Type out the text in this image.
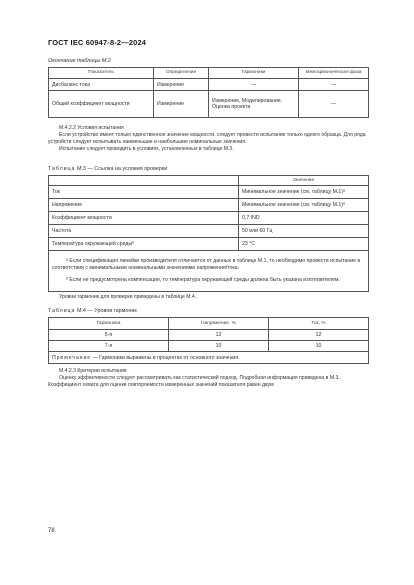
ГОСТ IEC 60947-8-2—2024
Окончание таблицы М.2
Показатель	Определение	Гармоники	Межгармоническая фаза
Дисбаланс тока	Измерение	—	—
Общий коэффициент мощности	Измерение	Измерение, Моделирование, Оценка проекта	—

М.4.2.2 Условия испытания

Если устройство имеет только единственное значение мощности, следует провести испытание только одного образца. Для ряда устройств следует испытывать наименьшие и наибольшие номинальные значения.

Испытание следует проводить в условиях, установленных в таблице М.3.

Таблица М.3 — Ссылка на условия проверки
	Значение
Ток	Минимальное значение (см. таблицу М.1)ᵃ
Напряжение	Минимальное значение (см. таблицу М.1)ᵃ
Коэффициент мощности	0,7 IND
Частота	50 или 60 Гц
Температура окружающей средыᵇ	23 °С

ᵃ Если спецификация линейки производителя отличается от данных в таблице М.1, то необходимо провести испытание в соответствии с минимальными номинальными значениями напряжения/тока.

ᵇ Если не предусмотрена компенсация, то температура окружающей среды должна быть указана изготовителем.	

Уровни гармоник для проверки приведены в таблице М.4.

Таблица М.4 — Уровни гармоник
Гармоника	Напряжение, %	Ток, %
5-я	12	12
7-я	10	10
Примечание — Гармоники выражены в процентах от основного значения.		

М.4.2.3 Критерии испытания

Оценку эффективности следует рассматривать как статистический подход. Подробная информация приведена в М.3. Коэффициент охвата для оценки повторяемости измеренных значений показателя равен двум

78
